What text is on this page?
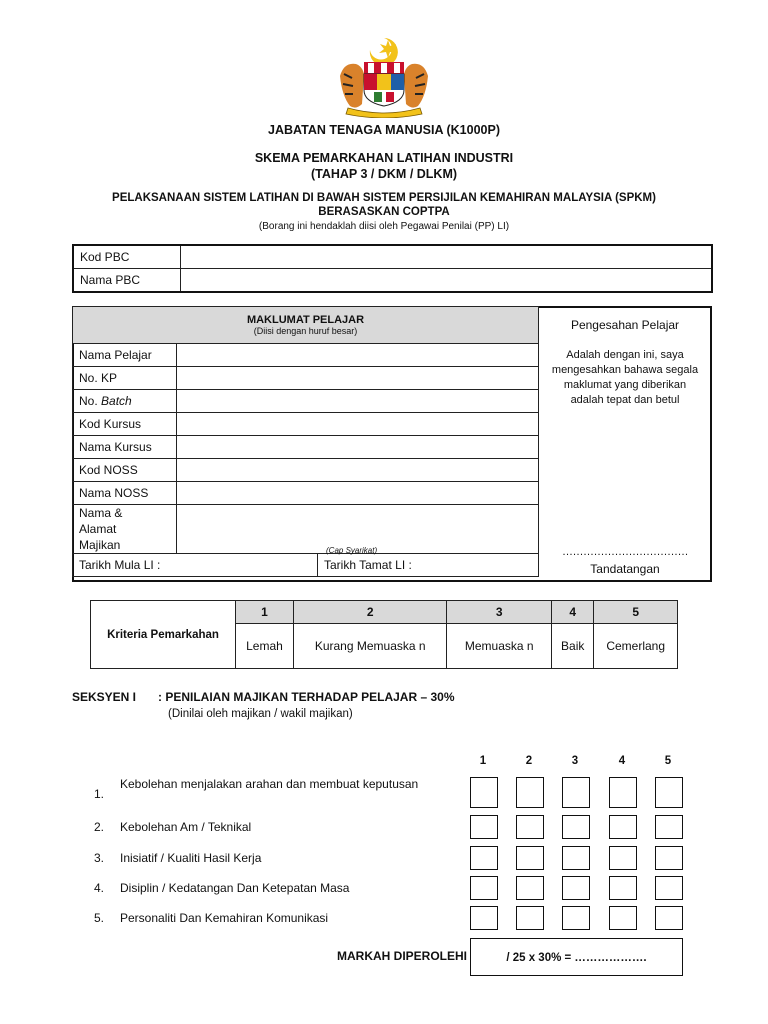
JABATAN TENAGA MANUSIA (K1000P)
SKEMA PEMARKAHAN LATIHAN INDUSTRI
(TAHAP 3 / DKM / DLKM)
PELAKSANAAN SISTEM LATIHAN DI BAWAH SISTEM PERSIJILAN KEMAHIRAN MALAYSIA (SPKM)
BERASASKAN COPTPA
(Borang ini hendaklah diisi oleh Pegawai Penilai (PP) LI)
Kod PBC	
Nama PBC	
MAKLUMAT PELAJAR
(Diisi dengan huruf besar)	

Nama Pelajar	
No. KP	
No. Batch	
Kod Kursus	
Nama Kursus	
Kod NOSS	
Nama NOSS	

Nama &
Alamat
Majikan	

Tarikh Mula LI : Tarikh Tamat LI :	
(Cap Syarikat)
Pengesahan Pelajar
Adalah dengan ini, saya mengesahkan bahawa segala maklumat yang diberikan adalah tepat dan betul
………………………………
Tandatangan
Kriteria Pemarkahan	1	2	3	4	5
	Lemah	Kurang Memuaska n	Memuaska n	Baik	Cemerlang
SEKSYEN I : PENILAIAN MAJIKAN TERHADAP PELAJAR – 30%
(Dinilai oleh majikan / wakil majikan)
1	2	3	4	5
1.
Kebolehan menjalakan arahan dan membuat keputusan
2. Kebolehan Am / Teknikal
3. Inisiatif / Kualiti Hasil Kerja
4. Disiplin / Kedatangan Dan Ketepatan Masa
5. Personaliti Dan Kemahiran Komunikasi
MARKAH DIPEROLEHI	/ 25 x 30% = ……………….
